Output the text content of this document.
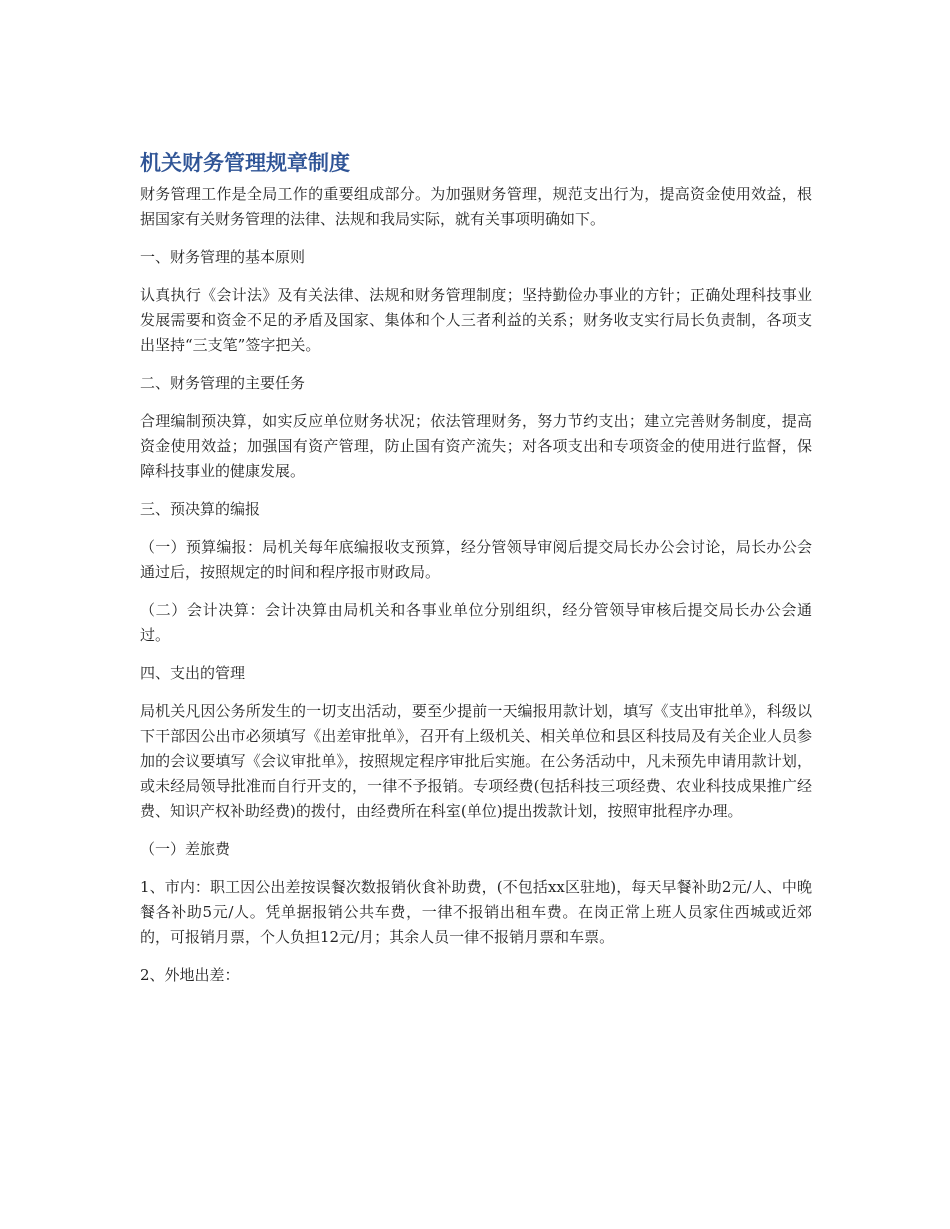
机关财务管理规章制度

财务管理工作是全局工作的重要组成部分。为加强财务管理，规范支出行为，提高资金使用效益，根据国家有关财务管理的法律、法规和我局实际，就有关事项明确如下。

一、财务管理的基本原则

认真执行《会计法》及有关法律、法规和财务管理制度；坚持勤俭办事业的方针；正确处理科技事业发展需要和资金不足的矛盾及国家、集体和个人三者利益的关系；财务收支实行局长负责制，各项支出坚持“三支笔”签字把关。

二、财务管理的主要任务

合理编制预决算，如实反应单位财务状况；依法管理财务，努力节约支出；建立完善财务制度，提高资金使用效益；加强国有资产管理，防止国有资产流失；对各项支出和专项资金的使用进行监督，保障科技事业的健康发展。

三、预决算的编报

（一）预算编报：局机关每年底编报收支预算，经分管领导审阅后提交局长办公会讨论，局长办公会通过后，按照规定的时间和程序报市财政局。

（二）会计决算：会计决算由局机关和各事业单位分别组织，经分管领导审核后提交局长办公会通过。

四、支出的管理

局机关凡因公务所发生的一切支出活动，要至少提前一天编报用款计划，填写《支出审批单》，科级以下干部因公出市必须填写《出差审批单》，召开有上级机关、相关单位和县区科技局及有关企业人员参加的会议要填写《会议审批单》，按照规定程序审批后实施。在公务活动中，凡未预先申请用款计划，或未经局领导批准而自行开支的，一律不予报销。专项经费(包括科技三项经费、农业科技成果推广经费、知识产权补助经费)的拨付，由经费所在科室(单位)提出拨款计划，按照审批程序办理。

（一）差旅费

1、市内：职工因公出差按误餐次数报销伙食补助费，(不包括xx区驻地)，每天早餐补助2元/人、中晚餐各补助5元/人。凭单据报销公共车费，一律不报销出租车费。在岗正常上班人员家住西城或近郊的，可报销月票，个人负担12元/月；其余人员一律不报销月票和车票。

2、外地出差：
